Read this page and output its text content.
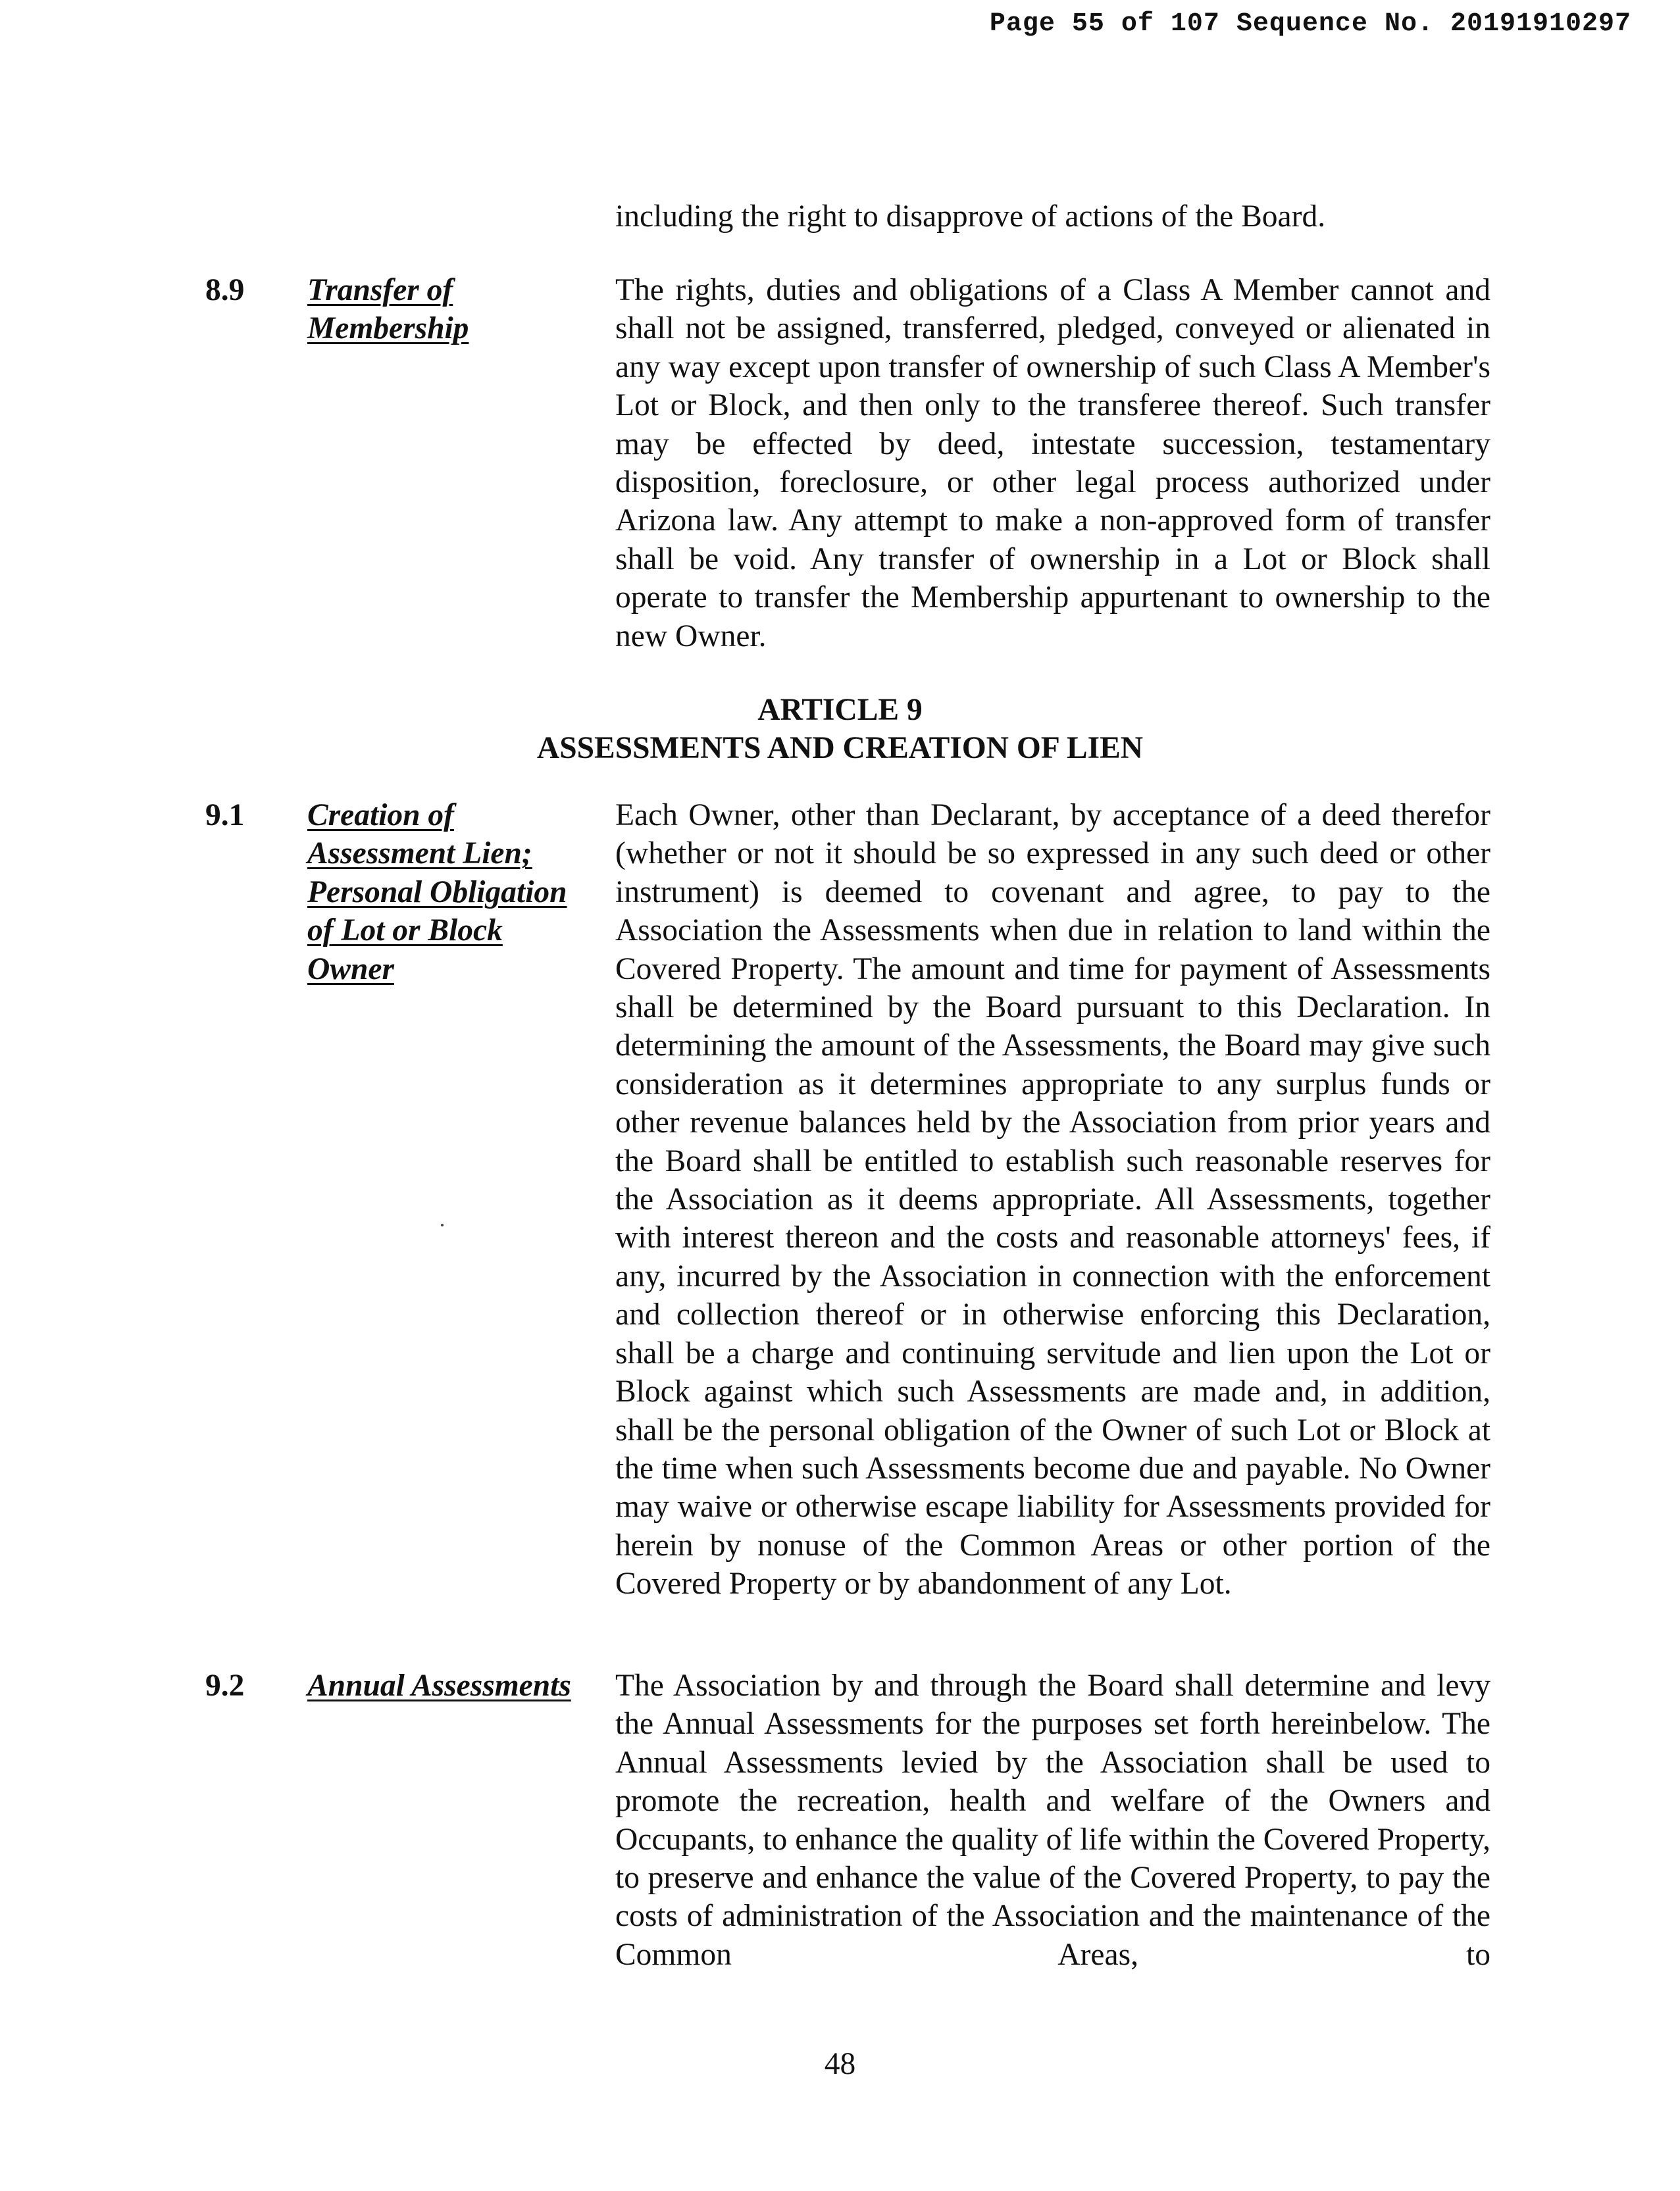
Page 55 of 107 Sequence No. 20191910297
including the right to disapprove of actions of the Board.
8.9 Transfer of Membership
The rights, duties and obligations of a Class A Member cannot and shall not be assigned, transferred, pledged, conveyed or alienated in any way except upon transfer of ownership of such Class A Member's Lot or Block, and then only to the transferee thereof. Such transfer may be effected by deed, intestate succession, testamentary disposition, foreclosure, or other legal process authorized under Arizona law. Any attempt to make a non-approved form of transfer shall be void. Any transfer of ownership in a Lot or Block shall operate to transfer the Membership appurtenant to ownership to the new Owner.
ARTICLE 9
ASSESSMENTS AND CREATION OF LIEN
9.1 Creation of Assessment Lien; Personal Obligation of Lot or Block Owner
Each Owner, other than Declarant, by acceptance of a deed therefor (whether or not it should be so expressed in any such deed or other instrument) is deemed to covenant and agree, to pay to the Association the Assessments when due in relation to land within the Covered Property. The amount and time for payment of Assessments shall be determined by the Board pursuant to this Declaration. In determining the amount of the Assessments, the Board may give such consideration as it determines appropriate to any surplus funds or other revenue balances held by the Association from prior years and the Board shall be entitled to establish such reasonable reserves for the Association as it deems appropriate. All Assessments, together with interest thereon and the costs and reasonable attorneys' fees, if any, incurred by the Association in connection with the enforcement and collection thereof or in otherwise enforcing this Declaration, shall be a charge and continuing servitude and lien upon the Lot or Block against which such Assessments are made and, in addition, shall be the personal obligation of the Owner of such Lot or Block at the time when such Assessments become due and payable. No Owner may waive or otherwise escape liability for Assessments provided for herein by nonuse of the Common Areas or other portion of the Covered Property or by abandonment of any Lot.
9.2 Annual Assessments	The Association by and through the Board shall determine and levy the Annual Assessments for the purposes set forth hereinbelow. The Annual Assessments levied by the Association shall be used to promote the recreation, health and welfare of the Owners and Occupants, to enhance the quality of life within the Covered Property, to preserve and enhance the value of the Covered Property, to pay the costs of administration of the Association and the maintenance of the Common Areas, to
48
